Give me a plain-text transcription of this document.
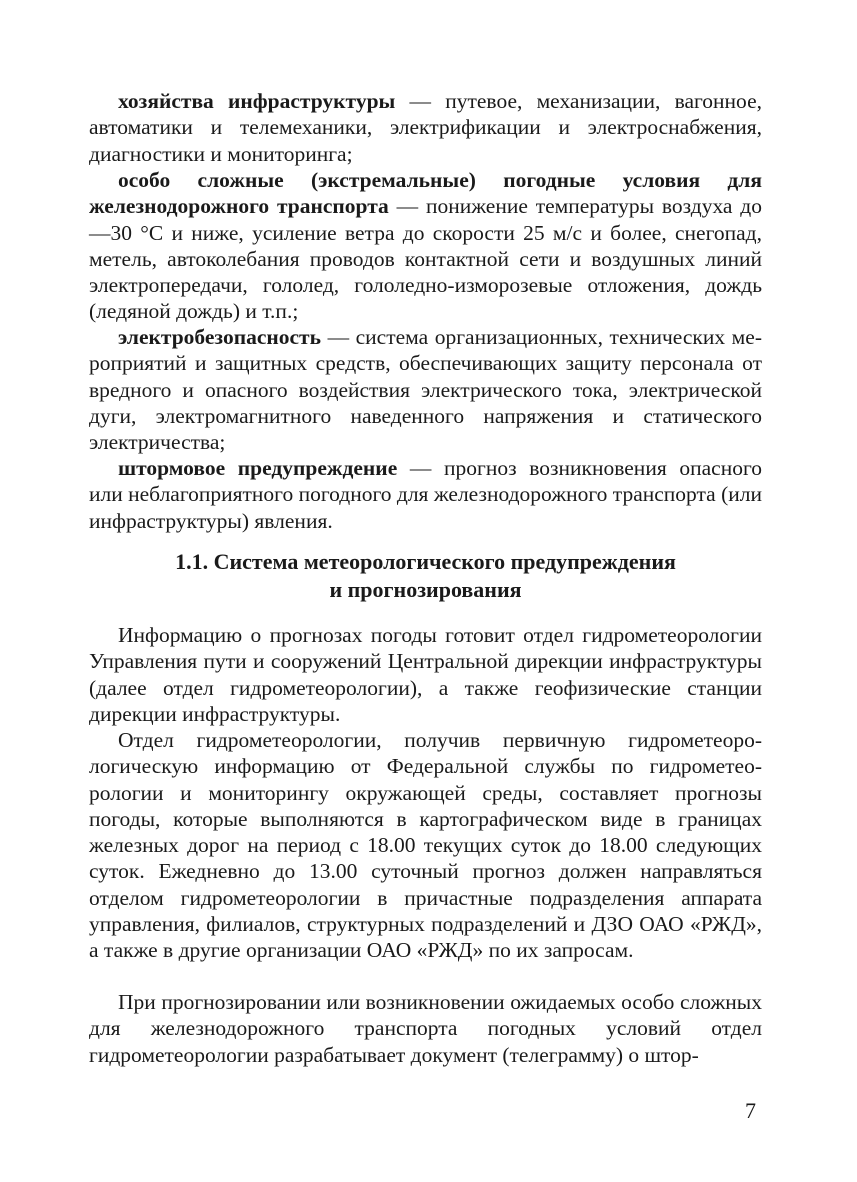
хозяйства инфраструктуры — путевое, механизации, вагонное, автоматики и телемеханики, электрификации и электроснабжения, диагностики и мониторинга;

особо сложные (экстремальные) погодные условия для железнодорожного транспорта — понижение температуры воздуха до —30 °С и ниже, усиление ветра до скорости 25 м/с и более, снегопад, метель, автоколебания проводов контактной сети и воздушных линий электропередачи, гололед, гололедно-изморозевые отложения, дождь (ледяной дождь) и т.п.;

электробезопасность — система организационных, технических мероприятий и защитных средств, обеспечивающих защиту персонала от вредного и опасного воздействия электрического тока, электрической дуги, электромагнитного наведенного напряжения и статического электричества;

штормовое предупреждение — прогноз возникновения опасного или неблагоприятного погодного для железнодорожного транспорта (или инфраструктуры) явления.

1.1. Система метеорологического предупреждения
и прогнозирования

Информацию о прогнозах погоды готовит отдел гидрометеорологии Управления пути и сооружений Центральной дирекции инфраструктуры (далее отдел гидрометеорологии), а также геофизические станции дирекции инфраструктуры.

Отдел гидрометеорологии, получив первичную гидрометеорологическую информацию от Федеральной службы по гидрометеорологии и мониторингу окружающей среды, составляет прогнозы погоды, которые выполняются в картографическом виде в границах железных дорог на период с 18.00 текущих суток до 18.00 следующих суток. Ежедневно до 13.00 суточный прогноз должен направляться отделом гидрометеорологии в причастные подразделения аппарата управления, филиалов, структурных подразделений и ДЗО ОАО «РЖД», а также в другие организации ОАО «РЖД» по их запросам.

При прогнозировании или возникновении ожидаемых особо сложных для железнодорожного транспорта погодных условий отдел гидрометеорологии разрабатывает документ (телеграмму) о штор-

7
